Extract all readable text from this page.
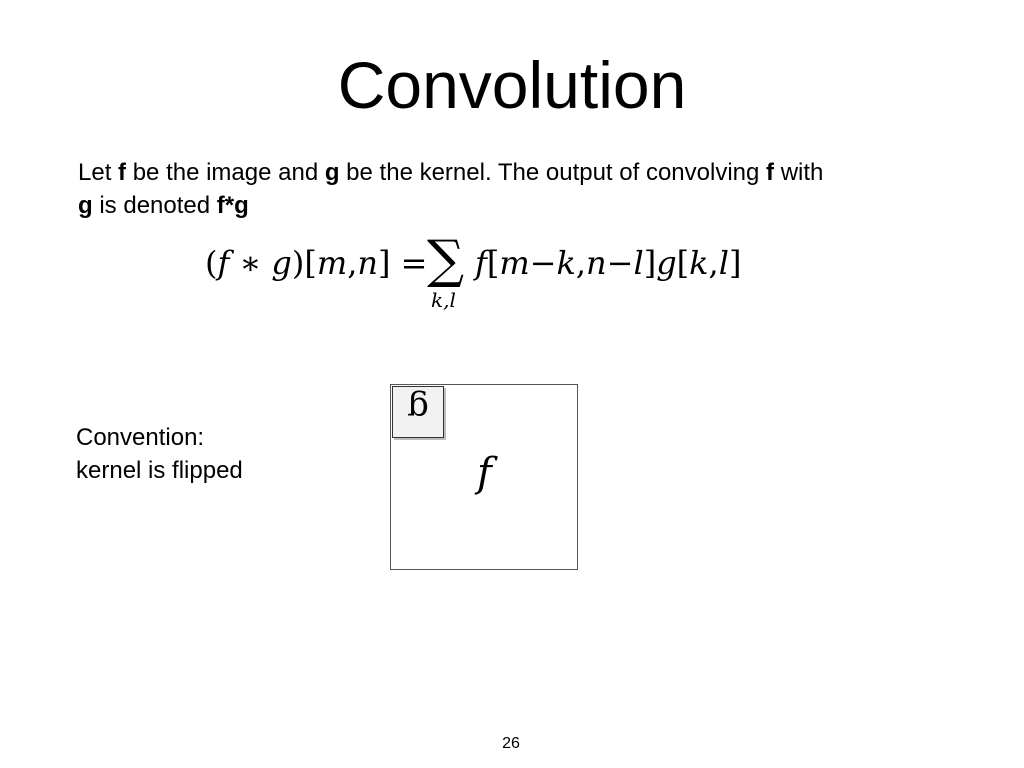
Convolution

Let f be the image and g be the kernel. The output of convolving f with
g is denoted f*g

(f ∗ g)[m,n] = ∑
k,l
f[m−k,n−l]g[k,l]

Convention:
kernel is flipped	f
g
26
